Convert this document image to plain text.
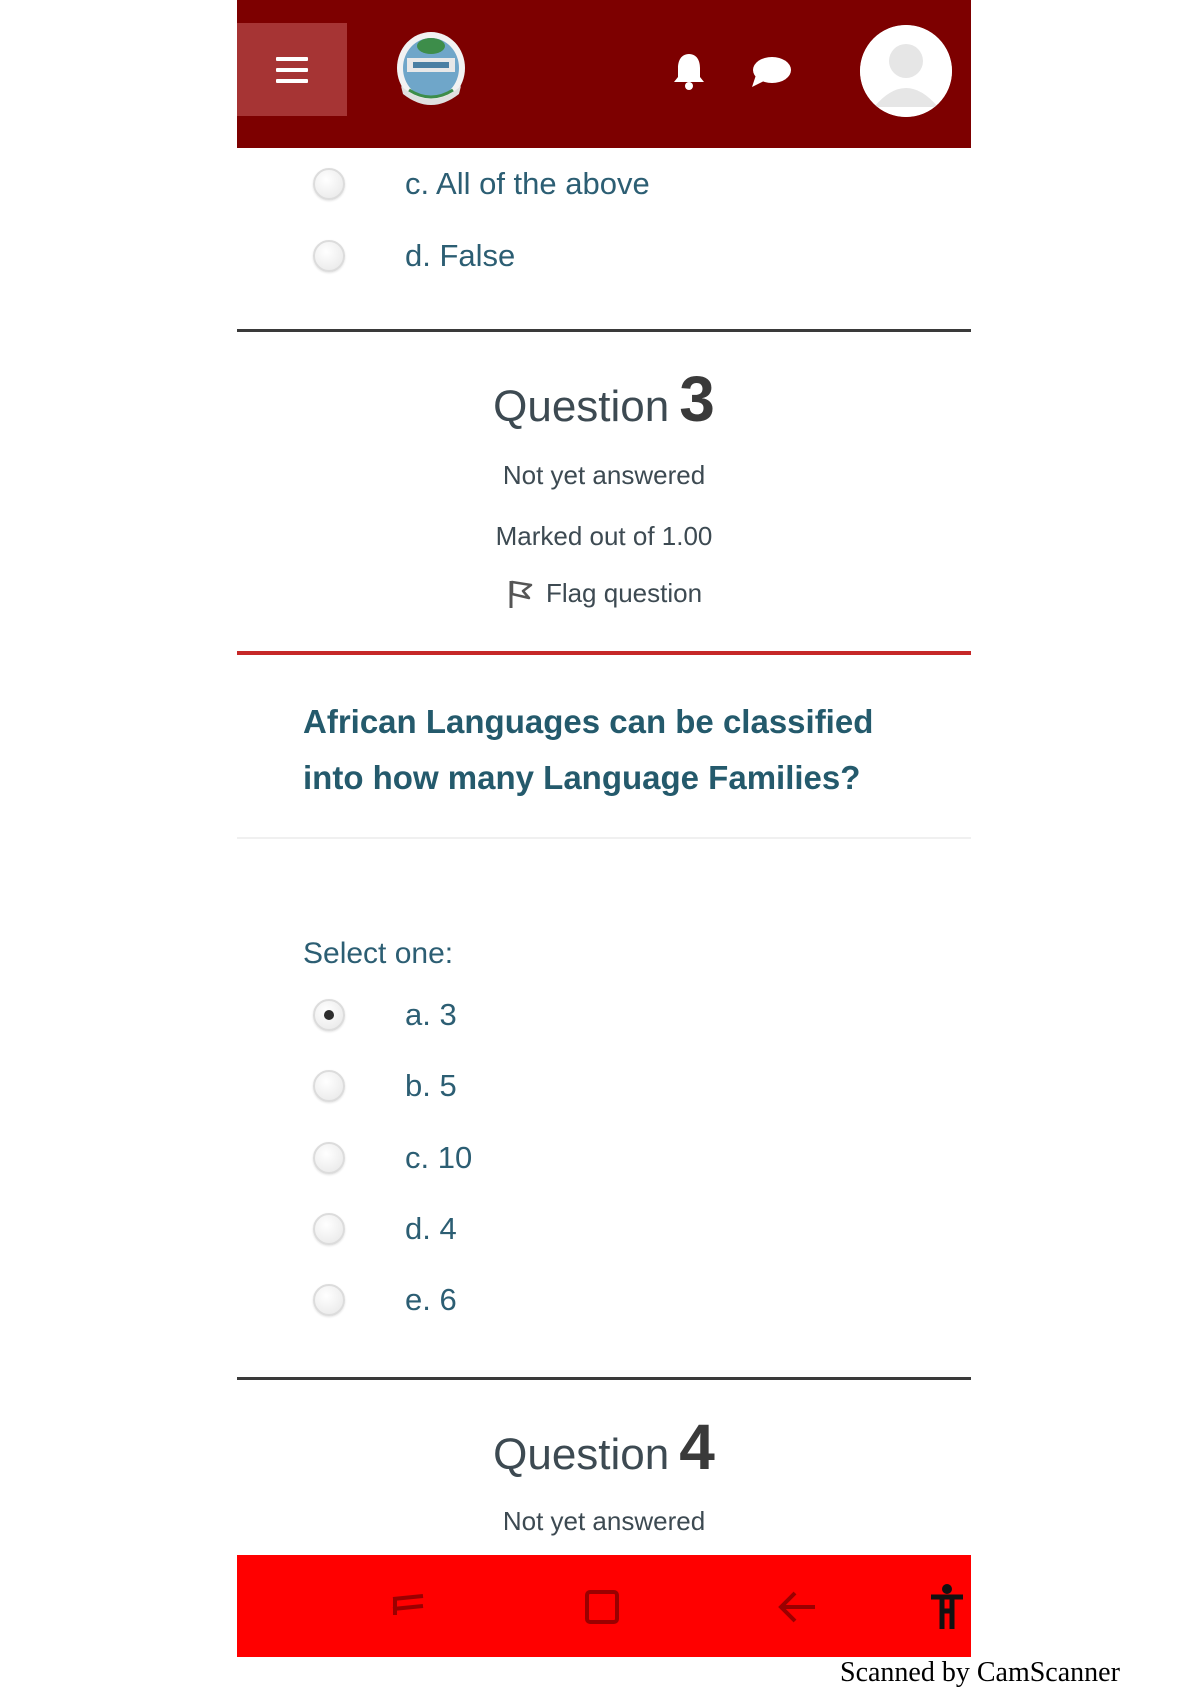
c. All of the above
d. False
Question 3
Not yet answered
Marked out of 1.00
Flag question
African Languages can be classified into how many Language Families?
Select one:
a. 3
b. 5
c. 10
d. 4
e. 6
Question 4
Not yet answered
Scanned by CamScanner
